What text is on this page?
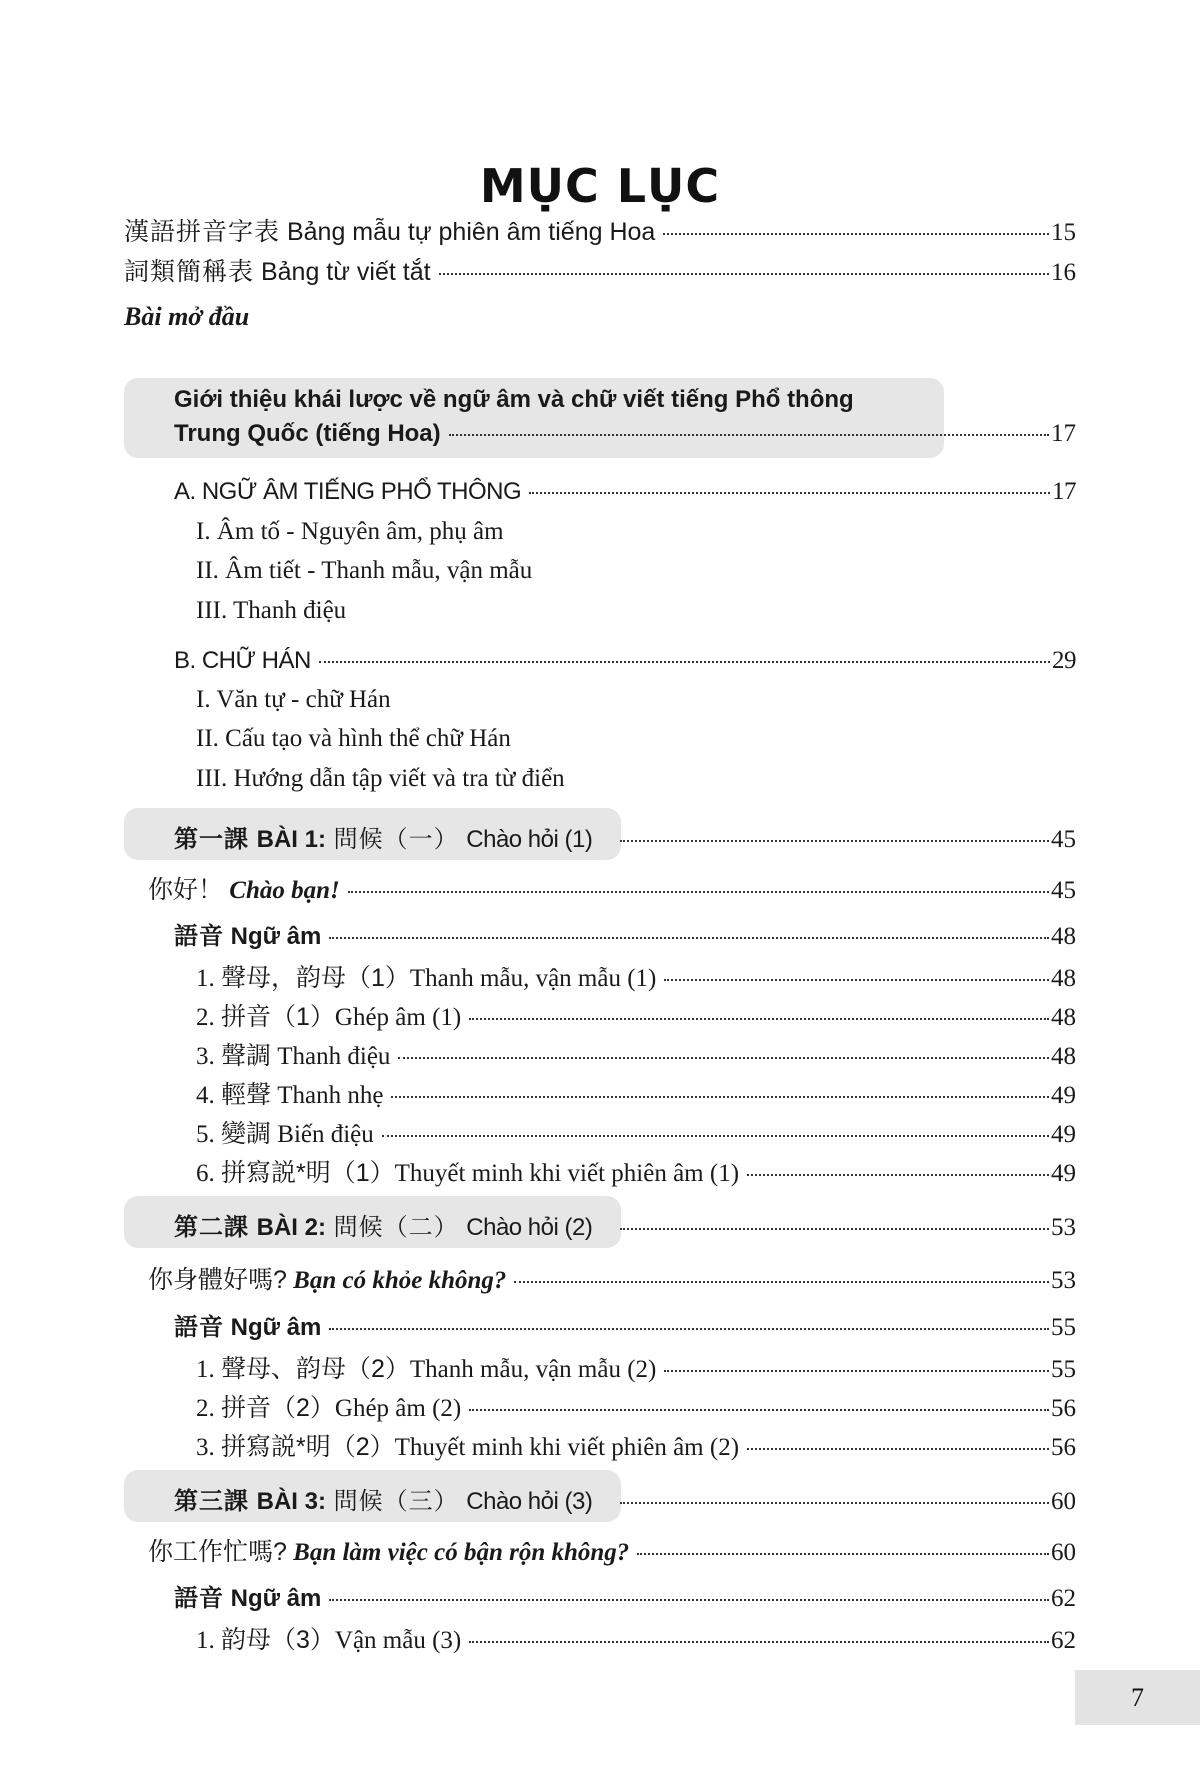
MỤC LỤC
漢語拼音字表 Bảng mẫu tự phiên âm tiếng Hoa	15
詞類簡稱表 Bảng từ viết tắt	16
Bài mở đầu
Giới thiệu khái lược về ngữ âm và chữ viết tiếng Phổ thông
Trung Quốc (tiếng Hoa)	17
A. NGỮ ÂM TIẾNG PHỔ THÔNG	17
I. Âm tố - Nguyên âm, phụ âm
II. Âm tiết - Thanh mẫu, vận mẫu
III. Thanh điệu
B. CHỮ HÁN	29
I. Văn tự - chữ Hán
II. Cấu tạo và hình thể chữ Hán
III. Hướng dẫn tập viết và tra từ điển
第一課 BÀI 1: 問候（一） Chào hỏi (1)	45
你好！ Chào bạn!	45
語音 Ngữ âm	48
1. 聲母，韵母（1）Thanh mẫu, vận mẫu (1)	48
2. 拼音（1）Ghép âm (1)	48
3. 聲調 Thanh điệu	48
4. 輕聲 Thanh nhẹ	49
5. 變調 Biến điệu	49
6. 拼寫説*明（1）Thuyết minh khi viết phiên âm (1)	49
第二課 BÀI 2: 問候（二） Chào hỏi (2)	53
你身體好嗎? Bạn có khỏe không?	53
語音 Ngữ âm	55
1. 聲母、韵母（2）Thanh mẫu, vận mẫu (2)	55
2. 拼音（2）Ghép âm (2)	56
3. 拼寫説*明（2）Thuyết minh khi viết phiên âm (2)	56
第三課 BÀI 3: 問候（三） Chào hỏi (3)	60
你工作忙嗎? Bạn làm việc có bận rộn không?	60
語音 Ngữ âm	62
1. 韵母（3）Vận mẫu (3)	62
7
